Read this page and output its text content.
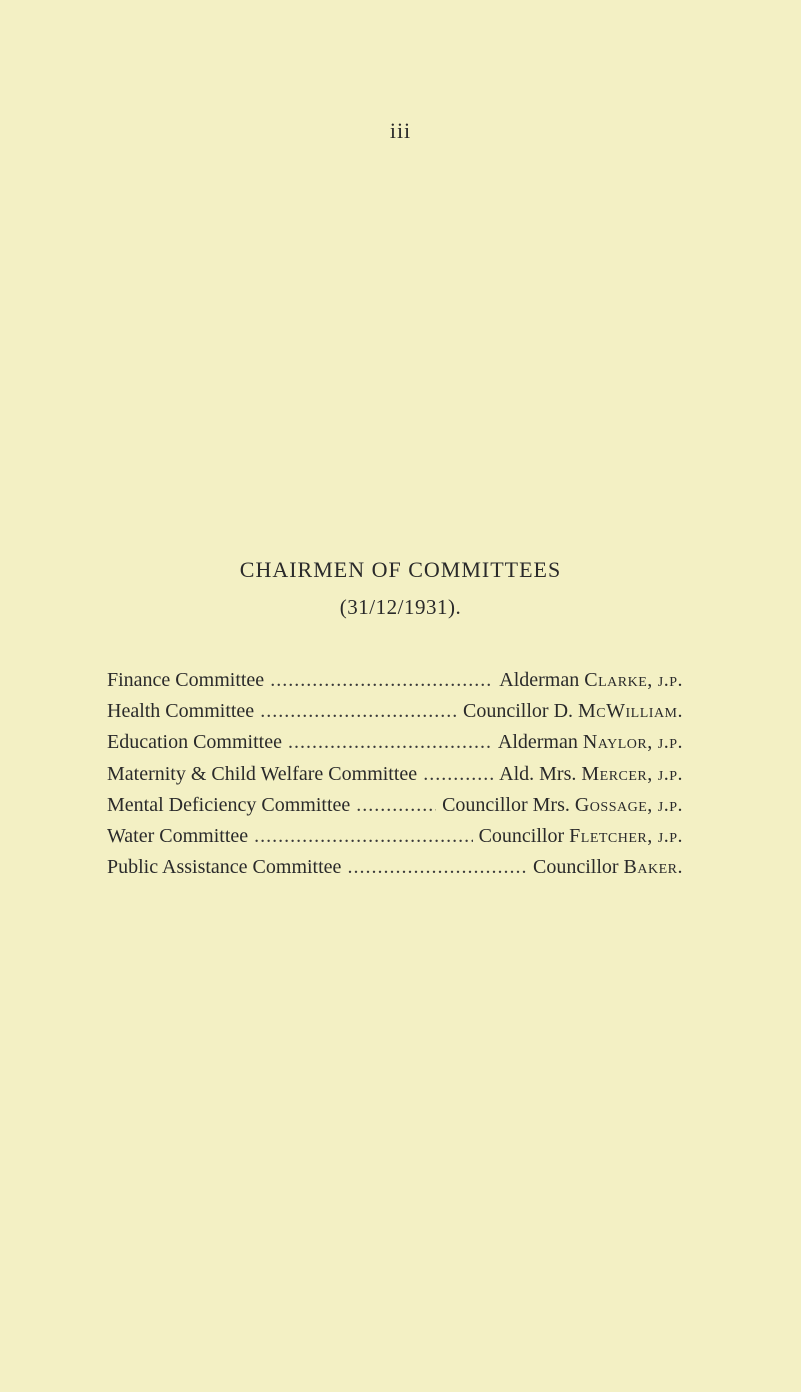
iii
CHAIRMEN OF COMMITTEES
(31/12/1931).
Finance Committee .....	Alderman Clarke, j.p.
Health Committee .....	Councillor D. McWilliam.
Education Committee .....	Alderman Naylor, j.p.
Maternity & Child Welfare Committee .....	Ald. Mrs. Mercer, j.p.
Mental Deficiency Committee .....	Councillor Mrs. Gossage, j.p.
Water Committee .....	Councillor Fletcher, j.p.
Public Assistance Committee .....	Councillor Baker.
